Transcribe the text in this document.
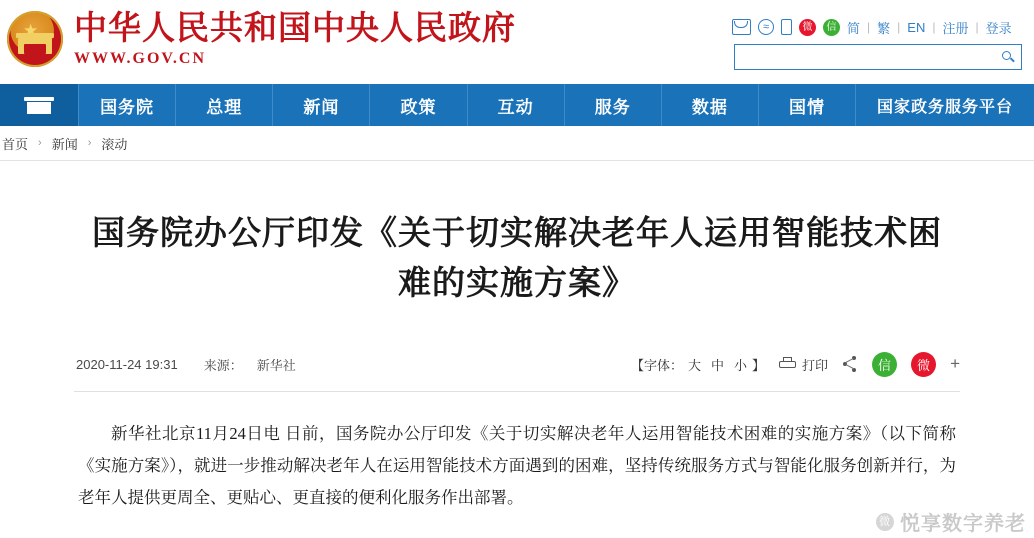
中华人民共和国中央人民政府
WWW.GOV.CN
≈	微	信 简 | 繁 | EN | 注册 | 登录
国务院	总理	新闻	政策	互动	服务	数据	国情	国家政务服务平台
首页 › 新闻 › 滚动
国务院办公厅印发《关于切实解决老年人运用智能技术困难的实施方案》
2020-11-24 19:31 来源： 新华社	【字体： 大 中 小 】	打印	信	微	+

新华社北京11月24日电 日前，国务院办公厅印发《关于切实解决老年人运用智能技术困难的实施方案》（以下简称《实施方案》），就进一步推动解决老年人在运用智能技术方面遇到的困难，坚持传统服务方式与智能化服务创新并行，为老年人提供更周全、更贴心、更直接的便利化服务作出部署。

微 悦享数字养老
